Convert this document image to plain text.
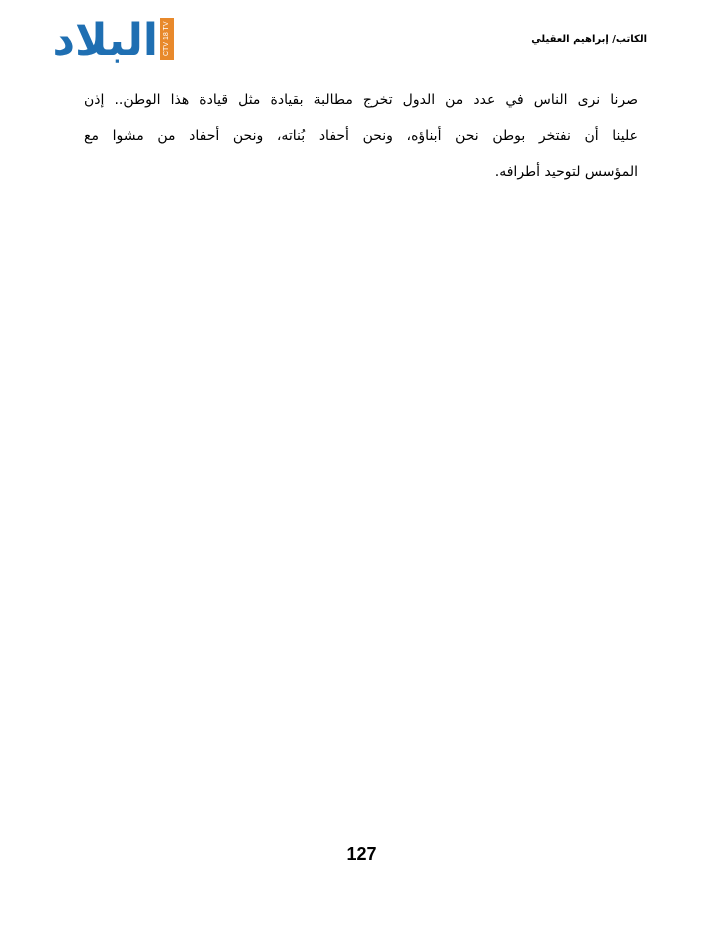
البلاد CTV 18 TV	الكاتب/ إبراهيم العقيلي
صرنا نرى الناس في عدد من الدول تخرج مطالبة بقيادة مثل قيادة هذا الوطن.. إذن
علينا أن نفتخر بوطن نحن أبناؤه، ونحن أحفاد بُناته، ونحن أحفاد من مشوا مع
المؤسس لتوحيد أطرافه.
127
